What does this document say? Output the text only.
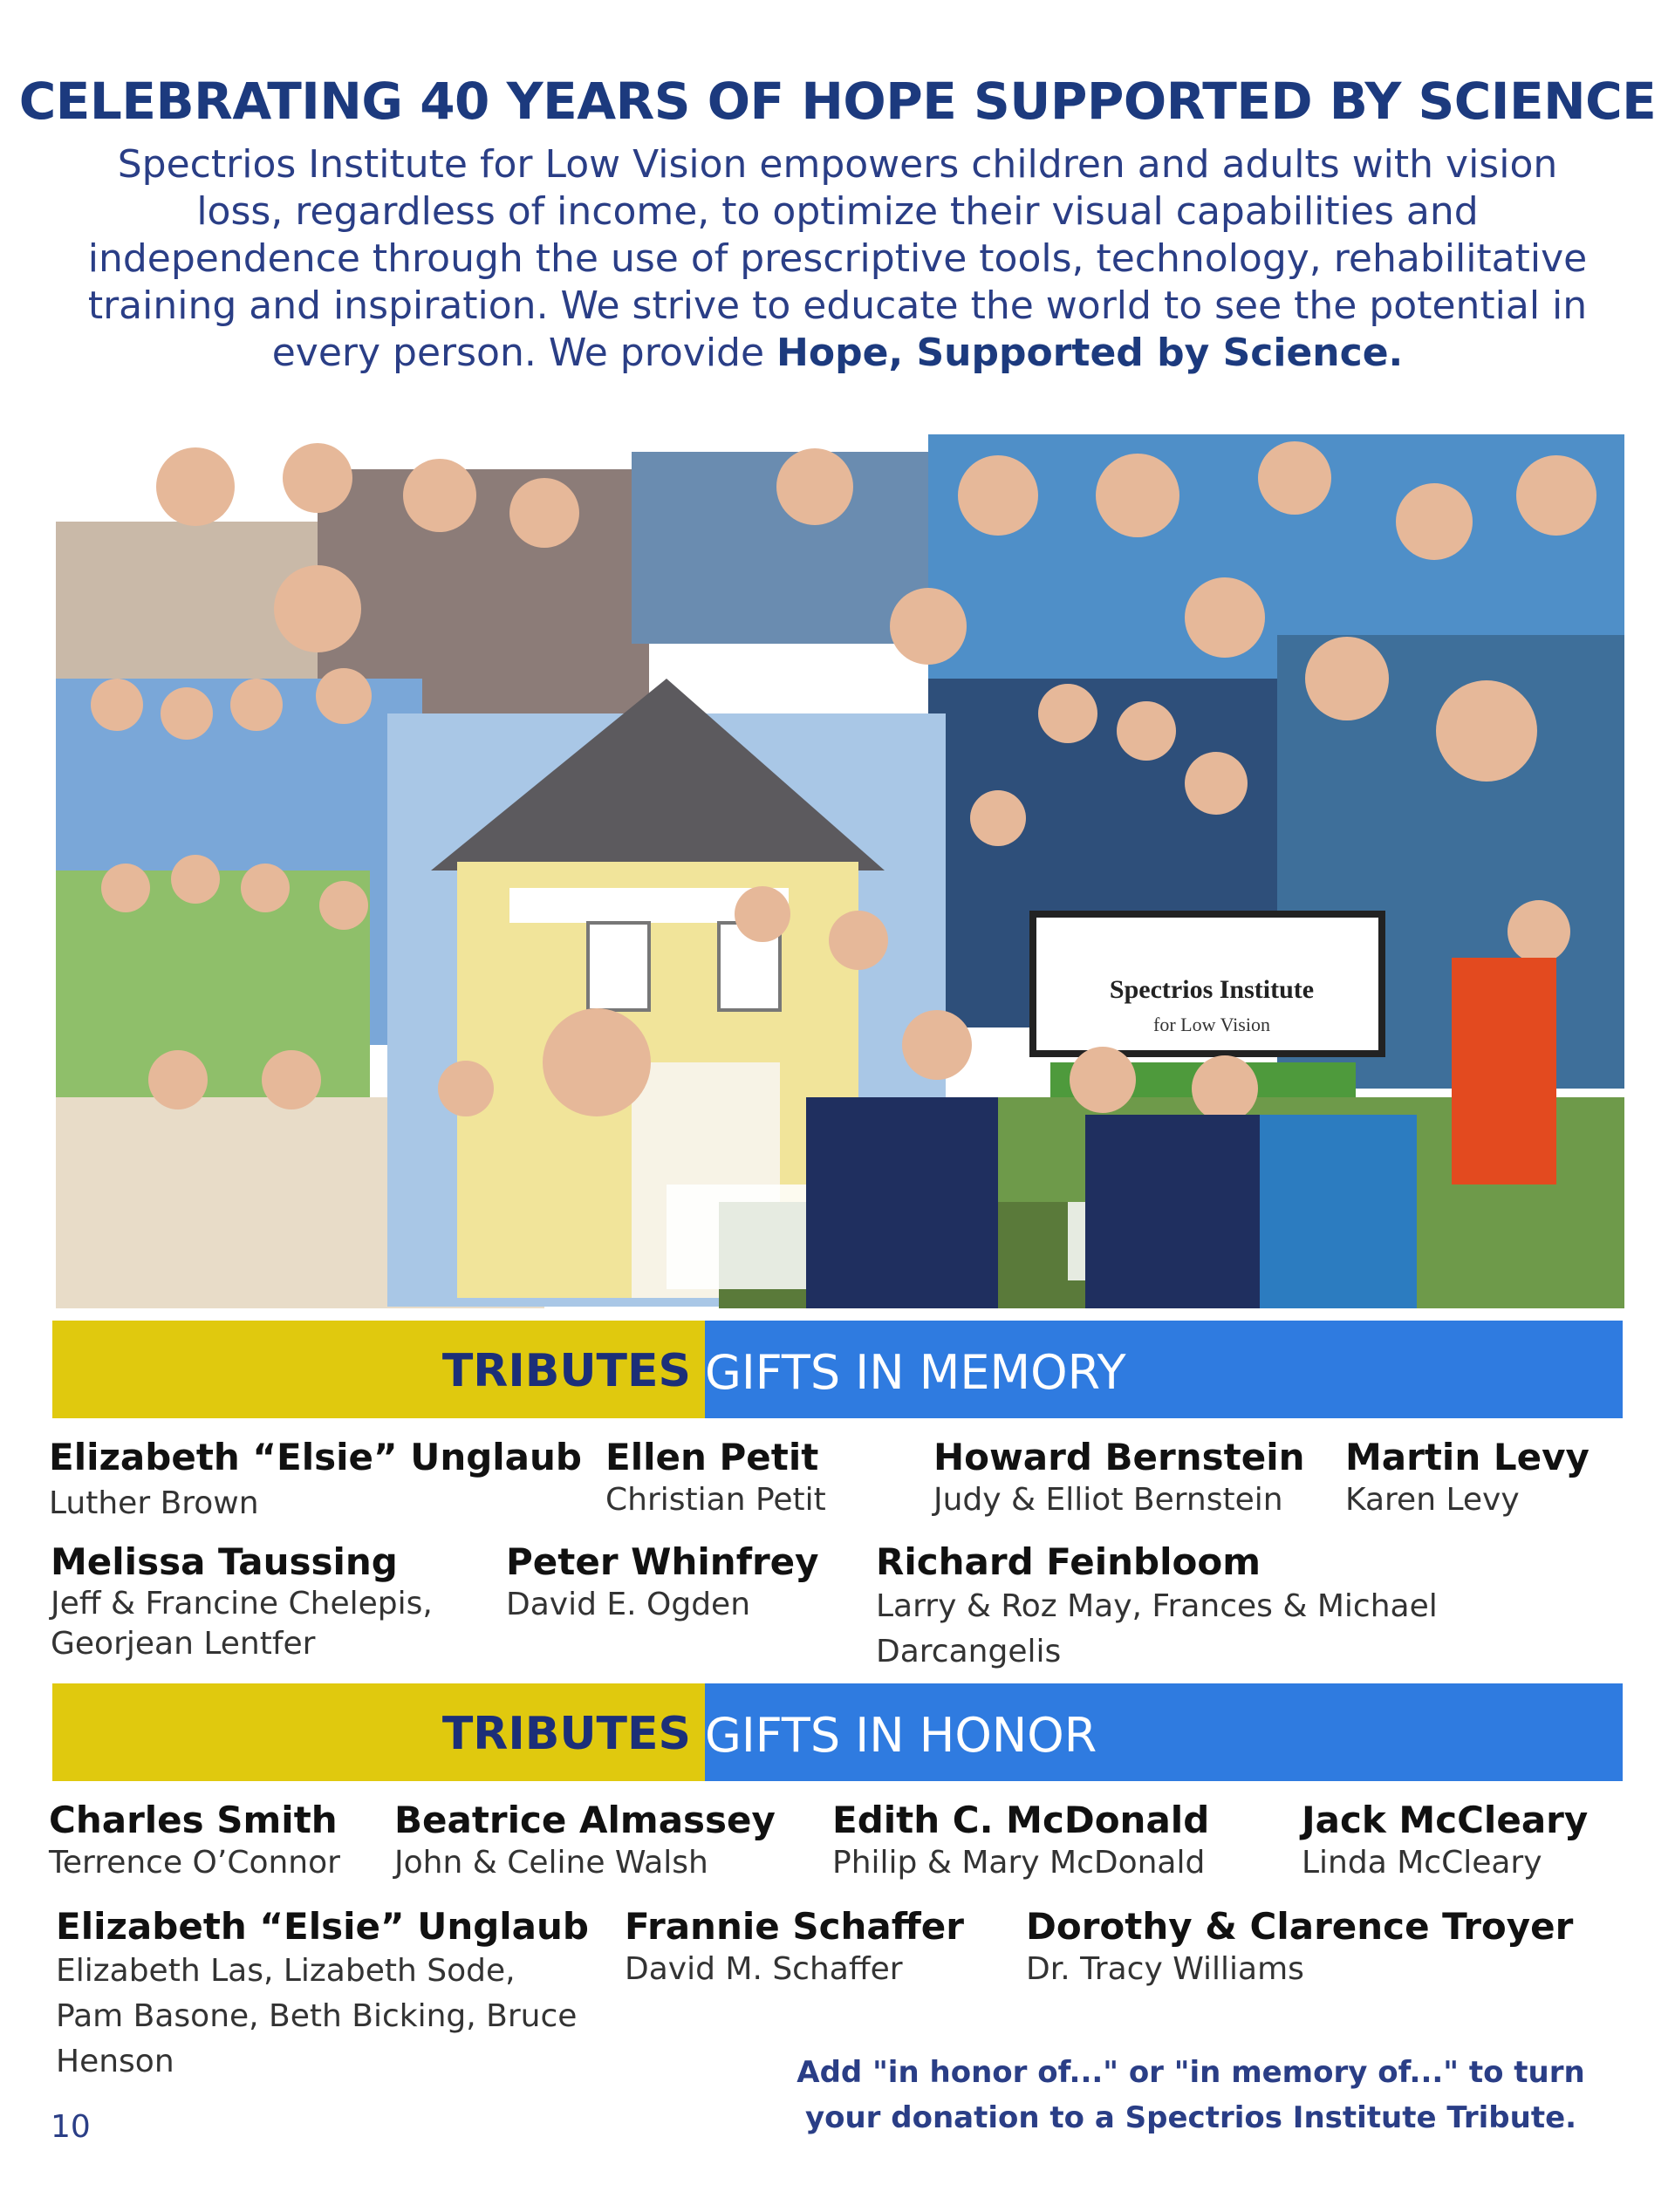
CELEBRATING 40 YEARS OF HOPE SUPPORTED BY SCIENCE
Spectrios Institute for Low Vision empowers children and adults with vision loss, regardless of income, to optimize their visual capabilities and independence through the use of prescriptive tools, technology, rehabilitative training and inspiration. We strive to educate the world to see the potential in every person. We provide Hope, Supported by Science.
Spectrios Institute
for Low Vision
TRIBUTES GIFTS IN MEMORY
Elizabeth “Elsie” Unglaub
Luther Brown
Ellen Petit
Christian Petit
Howard Bernstein
Judy & Elliot Bernstein
Martin Levy
Karen Levy
Melissa Taussing
Jeff & Francine Chelepis, Georjean Lentfer
Peter Whinfrey
David E. Ogden
Richard Feinbloom
Larry & Roz May, Frances & Michael Darcangelis
TRIBUTES GIFTS IN HONOR
Charles Smith
Terrence O’Connor
Beatrice Almassey
John & Celine Walsh
Edith C. McDonald
Philip & Mary McDonald
Jack McCleary
Linda McCleary
Elizabeth “Elsie” Unglaub
Elizabeth Las, Lizabeth Sode, Pam Basone, Beth Bicking, Bruce Henson
Frannie Schaffer
David M. Schaffer
Dorothy & Clarence Troyer
Dr. Tracy Williams
Add "in honor of..." or "in memory of..." to turn your donation to a Spectrios Institute Tribute.
10
